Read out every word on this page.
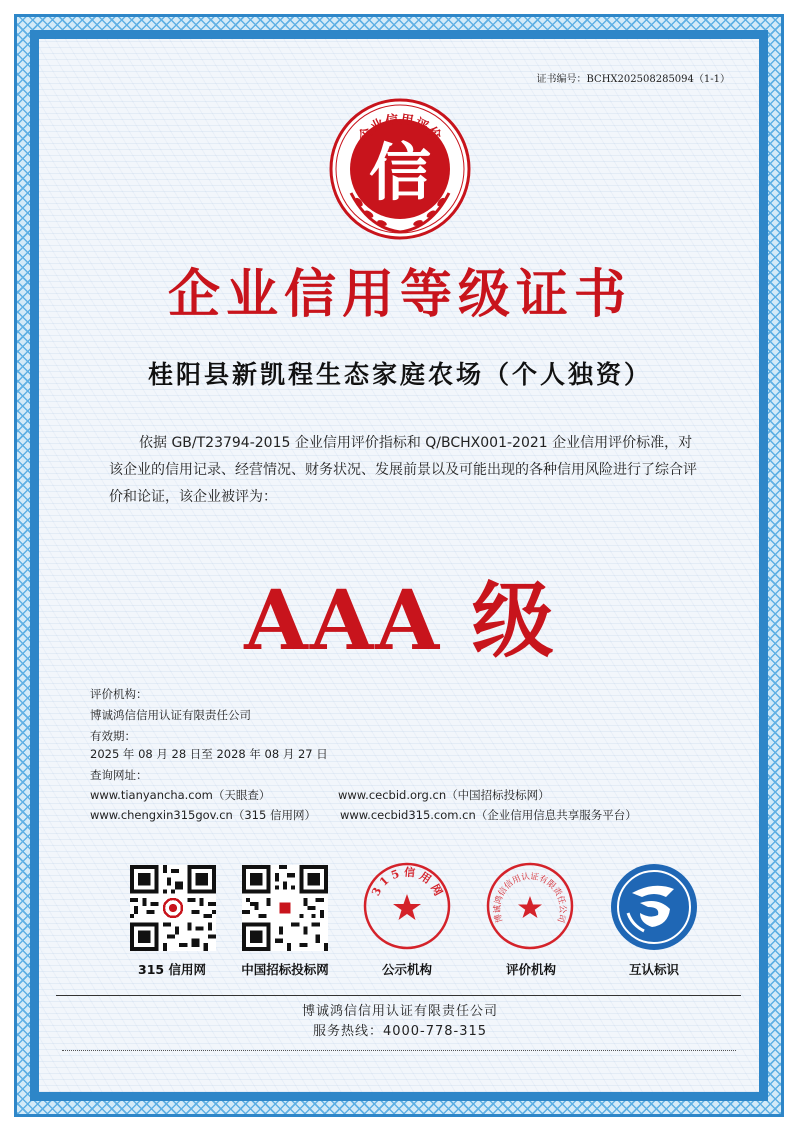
证书编号：BCHX202508285094（1-1）
企业信用评价
信
企业信用等级证书
桂阳县新凯程生态家庭农场（个人独资）
依据 GB/T23794-2015 企业信用评价指标和 Q/BCHX001-2021 企业信用评价标准，对该企业的信用记录、经营情况、财务状况、发展前景以及可能出现的各种信用风险进行了综合评价和论证，该企业被评为：
AAA 级
评价机构：
博诚鸿信信用认证有限责任公司
有效期：
2025 年 08 月 28 日至 2028 年 08 月 27 日
查询网址：
www.tianyancha.com（天眼查）	www.cecbid.org.cn（中国招标投标网）
www.chengxin315gov.cn（315 信用网） www.cecbid315.com.cn（企业信用信息共享服务平台）
3 1 5 信 用 网
博诚鸿信信用认证有限责任公司
315 信用网	中国招标投标网	公示机构	评价机构	互认标识
博诚鸿信信用认证有限责任公司
服务热线：4000-778-315
